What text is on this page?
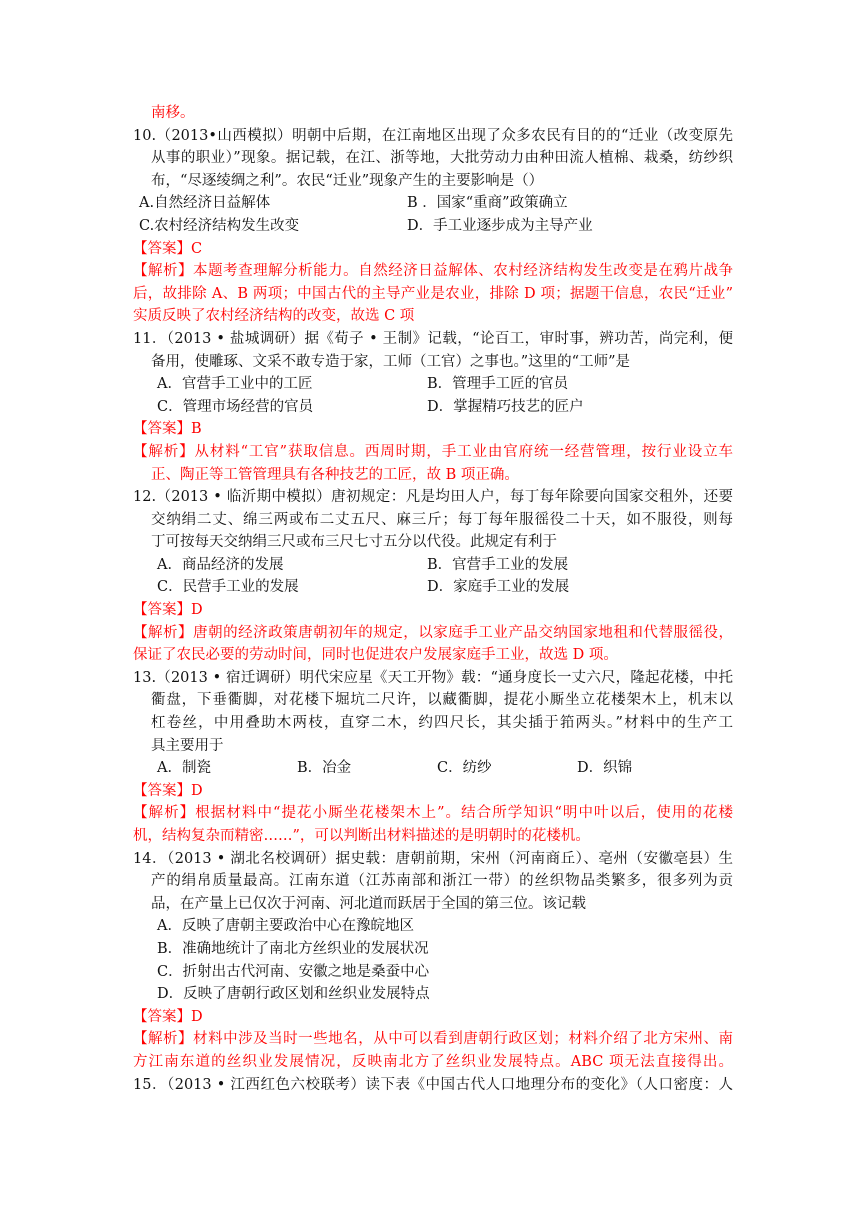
南移。
10.（2013•山西模拟）明朝中后期，在江南地区出现了众多农民有目的的“迁业（改变原先
从事的职业）”现象。据记载，在江、浙等地，大批劳动力由种田流人植棉、栽桑，纺纱织
布，“尽逐绫绸之利”。农民“迁业”现象产生的主要影响是（）
A.自然经济日益解体	B ．国家“重商”政策确立
C.农村经济结构发生改变	D．手工业逐步成为主导产业
【答案】C
【解析】本题考查理解分析能力。自然经济日益解体、农村经济结构发生改变是在鸦片战争
后，故排除 A、B 两项；中国古代的主导产业是农业，排除 D 项；据题干信息，农民“迁业”
实质反映了农村经济结构的改变，故选 C 项
11．（2013 • 盐城调研）据《荀子 • 王制》记载，“论百工，审时事，辨功苦，尚完利，便
备用，使雕琢、文采不敢专造于家，工师（工官）之事也。”这里的“工师”是
A．官营手工业中的工匠	B．管理手工匠的官员
C．管理市场经营的官员	D．掌握精巧技艺的匠户
【答案】B
【解析】从材料“工官”获取信息。西周时期，手工业由官府统一经营管理，按行业设立车
正、陶正等工管管理具有各种技艺的工匠，故 B 项正确。
12.（2013 • 临沂期中模拟）唐初规定：凡是均田人户，每丁每年除要向国家交租外，还要
交纳绢二丈、绵三两或布二丈五尺、麻三斤；每丁每年服徭役二十天，如不服役，则每
丁可按每天交纳绢三尺或布三尺七寸五分以代役。此规定有利于
A．商品经济的发展	B．官营手工业的发展
C．民营手工业的发展	D．家庭手工业的发展
【答案】D
【解析】唐朝的经济政策唐朝初年的规定，以家庭手工业产品交纳国家地租和代替服徭役，
保证了农民必要的劳动时间，同时也促进农户发展家庭手工业，故选 D 项。
13.（2013 • 宿迁调研）明代宋应星《天工开物》载：“通身度长一丈六尺，隆起花楼，中托
衢盘，下垂衢脚，对花楼下堀坑二尺许，以藏衢脚，提花小厮坐立花楼架木上，机末以
杠卷丝，中用叠助木两枝，直穿二木，约四尺长，其尖插于筘两头。”材料中的生产工
具主要用于
A．制瓷	B．冶金	C．纺纱	D．织锦
【答案】D
【解析】根据材料中“提花小厮坐花楼架木上”。结合所学知识“明中叶以后，使用的花楼
机，结构复杂而精密……”，可以判断出材料描述的是明朝时的花楼机。
14．（2013 • 湖北名校调研）据史载：唐朝前期，宋州（河南商丘）、亳州（安徽亳县）生
产的绢帛质量最高。江南东道（江苏南部和浙江一带）的丝织物品类繁多，很多列为贡
品，在产量上已仅次于河南、河北道而跃居于全国的第三位。该记载
A．反映了唐朝主要政治中心在豫皖地区
B．准确地统计了南北方丝织业的发展状况
C．折射出古代河南、安徽之地是桑蚕中心
D．反映了唐朝行政区划和丝织业发展特点
【答案】D
【解析】材料中涉及当时一些地名，从中可以看到唐朝行政区划；材料介绍了北方宋州、南
方江南东道的丝织业发展情况，反映南北方了丝织业发展特点。ABC 项无法直接得出。
15．（2013 • 江西红色六校联考）读下表《中国古代人口地理分布的变化》（人口密度：人
